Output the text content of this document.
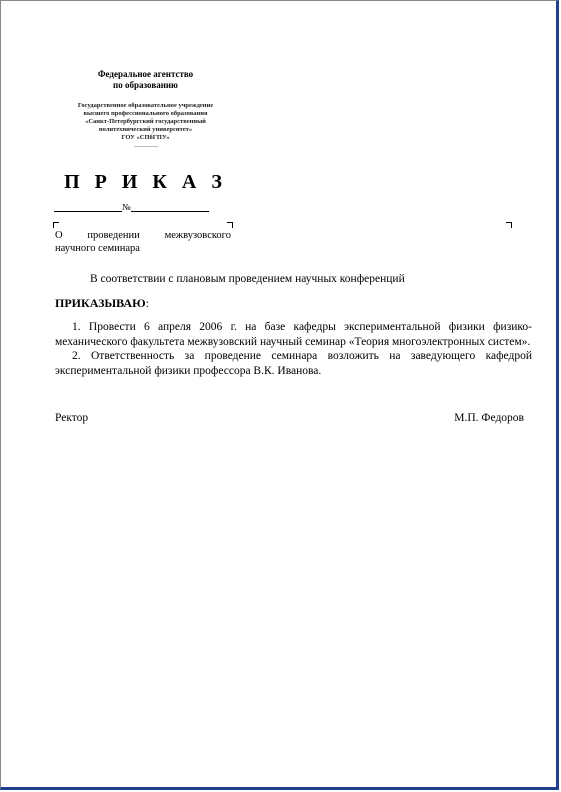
Федеральное агентство
по образованию
Государственное образовательное учреждение
высшего профессионального образования
«Санкт-Петербургский государственный
политехнический университет»
ГОУ «СПбГПУ»
П Р И К А З
№
О проведении межвузовского
научного семинара
В соответствии с плановым проведением научных конференций
ПРИКАЗЫВАЮ:

1. Провести 6 апреля 2006 г. на базе кафедры экспериментальной физики физико-механического факультета межвузовский научный семинар «Теория многоэлектронных систем».

2. Ответственность за проведение семинара возложить на заведующего кафедрой экспериментальной физики профессора В.К. Иванова.

Ректор	М.П. Федоров
